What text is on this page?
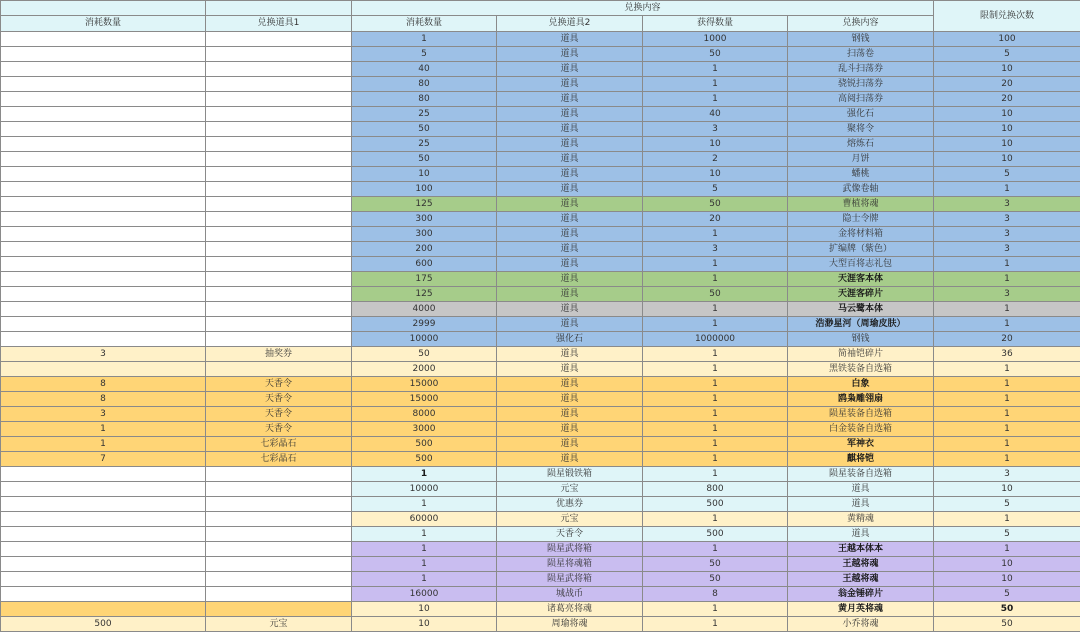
		兑换内容				限制兑换次数
消耗数量	兑换道具1	消耗数量	兑换道具2	获得数量	兑换内容	
		1	道具	1000	钢钱	100
		5	道具	50	扫荡卷	5
		40	道具	1	乱斗扫荡券	10
		80	道具	1	骁锐扫荡券	20
		80	道具	1	高阅扫荡券	20
		25	道具	40	强化石	10
		50	道具	3	聚将令	10
		25	道具	10	熔炼石	10
		50	道具	2	月饼	10
		10	道具	10	蟠桃	5
		100	道具	5	武像卷轴	1
		125	道具	50	曹植将魂	3
		300	道具	20	隐士令牌	3
		300	道具	1	金将材料箱	3
		200	道具	3	扩编牌（紫色）	3
		600	道具	1	大型百将志礼包	1
		175	道具	1	天涯客本体	1
		125	道具	50	天涯客碎片	3
		4000	道具	1	马云鹭本体	1
		2999	道具	1	浩渺星河（周瑜皮肤）	1
		10000	强化石	1000000	钢钱	20
3	抽奖券	50	道具	1	简袖铠碎片	36
		2000	道具	1	黑铁装备自选箱	1
8	天香令	15000	道具	1	白象	1
8	天香令	15000	道具	1	鸥枭雕翎扇	1
3	天香令	8000	道具	1	陨星装备自选箱	1
1	天香令	3000	道具	1	白金装备自选箱	1
1	七彩晶石	500	道具	1	军神衣	1
7	七彩晶石	500	道具	1	麒将铠	1
		1	陨星锻铁箱	1	陨星装备自选箱	3
		10000	元宝	800	道具	10
		1	优惠券	500	道具	5
		60000	元宝	1	黄精魂	1
		1	天香令	500	道具	5
		1	陨星武将箱	1	王越本体本	1
		1	陨星将魂箱	50	王越将魂	10
		1	陨星武将箱	50	王越将魂	10
		16000	城战币	8	翁金锤碎片	5
		10	诸葛亮将魂	1	黄月英将魂	50
500	元宝	10	周瑜将魂	1	小乔将魂	50
